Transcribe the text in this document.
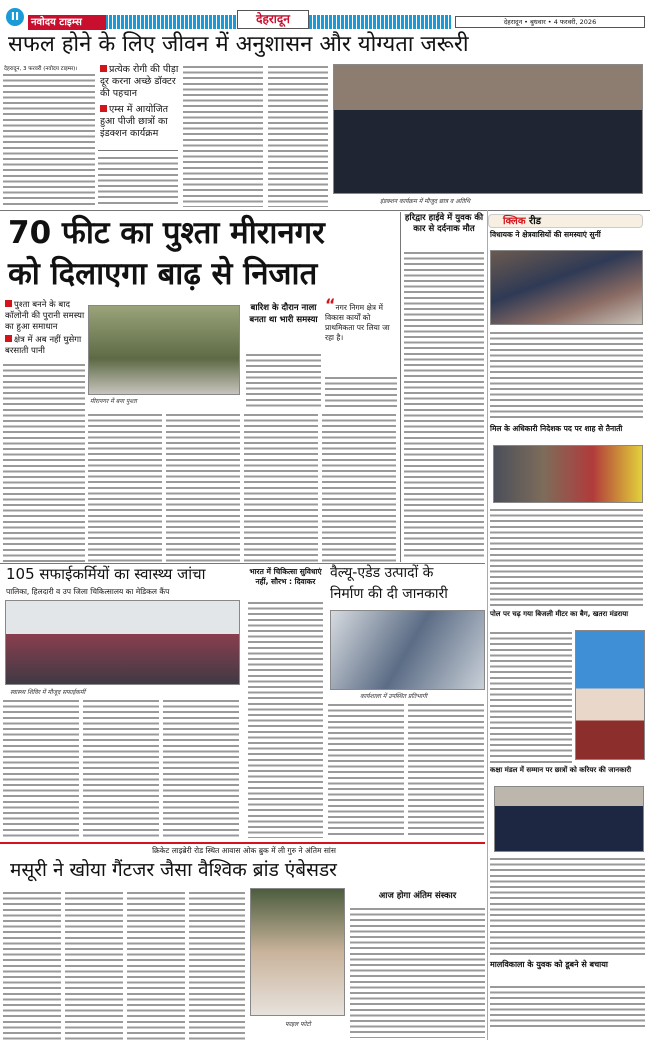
II	नवोदय टाइम्स	देहरादून	देहरादून • बुधवार • 4 फरवरी, 2026
सफल होने के लिए जीवन में अनुशासन और योग्यता जरूरी
देहरादून, 3 फरवरी (नवोदय टाइम्स)।	प्रत्येक रोगी की पीड़ा दूर करना अच्छे डॉक्टर की पहचान
एम्स में आयोजित हुआ पीजी छात्रों का इंडक्शन कार्यक्रम
इंडक्शन कार्यक्रम में मौजूद छात्र व अतिथि
70 फीट का पुश्ता मीरानगर
को दिलाएगा बाढ़ से निजात
पुश्ता बनने के बाद कॉलोनी की पुरानी समस्या का हुआ समाधान
क्षेत्र में अब नहीं घुसेगा बरसाती पानी
मीरानगर में बना पुश्ता
बारिश के दौरान नाला बनता था भारी समस्या
“नगर निगम क्षेत्र में विकास कार्यों को प्राथमिकता पर लिया जा रहा है।
हरिद्वार हाईवे में युवक की कार से दर्दनाक मौत
क्लिक रीड
विधायक ने क्षेत्रवासियों की समस्याएं सुनीं
मिल के अधिकारी निदेशक पद पर शाह से तैनाती
105 सफाईकर्मियों का स्वास्थ्य जांचा
पालिका, हिलदारी व उप जिला चिकित्सालय का मेडिकल कैंप
स्वास्थ्य शिविर में मौजूद सफाईकर्मी
भारत में चिकित्सा सुविधाएं नहीं, सौरभ : दिवाकर
वैल्यू-एडेड उत्पादों के
निर्माण की दी जानकारी
कार्यशाला में उपस्थित प्रतिभागी
पोल पर चढ़ गया बिजली मीटर का बैग, खतरा मंडराया
कक्षा मंडल में सम्मान पर छात्रों को करियर की जानकारी
मालविकाला के युवक को डूबने से बचाया
क्रिकेट लाइब्रेरी रोड स्थित आवास ओक ब्रुक में ली गुरु ने अंतिम सांस
मसूरी ने खोया गैंटजर जैसा वैश्विक ब्रांड एंबेसडर
फाइल फोटो
आज होगा अंतिम संस्कार
